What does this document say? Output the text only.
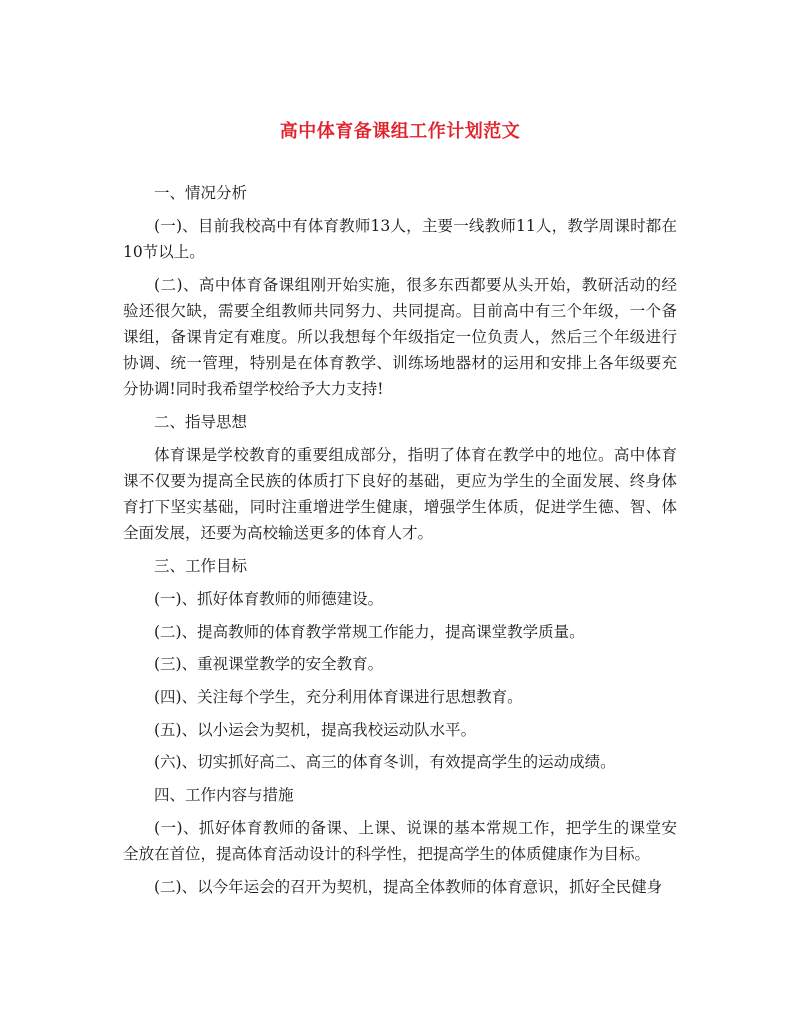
高中体育备课组工作计划范文

一、情况分析

(一)、目前我校高中有体育教师13人，主要一线教师11人，教学周课时都在10节以上。

(二)、高中体育备课组刚开始实施，很多东西都要从头开始，教研活动的经验还很欠缺，需要全组教师共同努力、共同提高。目前高中有三个年级，一个备课组，备课肯定有难度。所以我想每个年级指定一位负责人，然后三个年级进行协调、统一管理，特别是在体育教学、训练场地器材的运用和安排上各年级要充分协调!同时我希望学校给予大力支持!

二、指导思想

体育课是学校教育的重要组成部分，指明了体育在教学中的地位。高中体育课不仅要为提高全民族的体质打下良好的基础，更应为学生的全面发展、终身体育打下坚实基础，同时注重增进学生健康，增强学生体质，促进学生德、智、体全面发展，还要为高校输送更多的体育人才。

三、工作目标

(一)、抓好体育教师的师德建设。

(二)、提高教师的体育教学常规工作能力，提高课堂教学质量。

(三)、重视课堂教学的安全教育。

(四)、关注每个学生，充分利用体育课进行思想教育。

(五)、以小运会为契机，提高我校运动队水平。

(六)、切实抓好高二、高三的体育冬训，有效提高学生的运动成绩。

四、工作内容与措施

(一)、抓好体育教师的备课、上课、说课的基本常规工作，把学生的课堂安全放在首位，提高体育活动设计的科学性，把提高学生的体质健康作为目标。

(二)、以今年运会的召开为契机，提高全体教师的体育意识，抓好全民健身
